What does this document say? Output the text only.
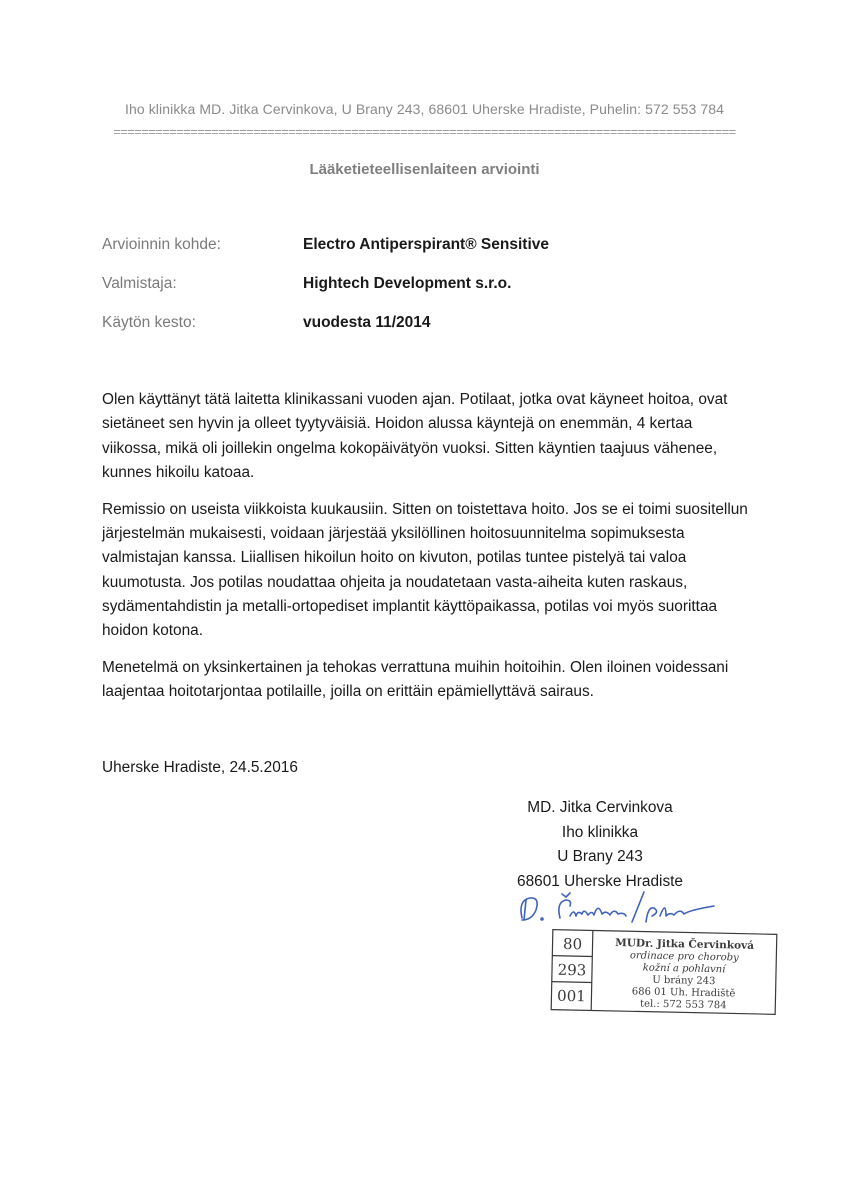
Iho klinikka MD. Jitka Cervinkova, U Brany 243, 68601 Uherske Hradiste, Puhelin: 572 553 784
=========================================================================================
Lääketieteellisenlaiteen arviointi
Arvioinnin kohde:	Electro Antiperspirant® Sensitive
Valmistaja:	Hightech Development s.r.o.
Käytön kesto:	vuodesta 11/2014

Olen käyttänyt tätä laitetta klinikassani vuoden ajan. Potilaat, jotka ovat käyneet hoitoa, ovat sietäneet sen hyvin ja olleet tyytyväisiä. Hoidon alussa käyntejä on enemmän, 4 kertaa viikossa, mikä oli joillekin ongelma kokopäivätyön vuoksi. Sitten käyntien taajuus vähenee, kunnes hikoilu katoaa.

Remissio on useista viikkoista kuukausiin. Sitten on toistettava hoito. Jos se ei toimi suositellun järjestelmän mukaisesti, voidaan järjestää yksilöllinen hoitosuunnitelma sopimuksesta valmistajan kanssa. Liiallisen hikoilun hoito on kivuton, potilas tuntee pistelyä tai valoa kuumotusta. Jos potilas noudattaa ohjeita ja noudatetaan vasta-aiheita kuten raskaus, sydämentahdistin ja metalli-ortopediset implantit käyttöpaikassa, potilas voi myös suorittaa hoidon kotona.

Menetelmä on yksinkertainen ja tehokas verrattuna muihin hoitoihin. Olen iloinen voidessani laajentaa hoitotarjontaa potilaille, joilla on erittäin epämiellyttävä sairaus.

Uherske Hradiste, 24.5.2016
MD. Jitka Cervinkova
Iho klinikka
U Brany 243
68601 Uherske Hradiste
80
293
001
MUDr. Jitka Červinková
ordinace pro choroby
kožní a pohlavní
U brány 243
686 01 Uh. Hradiště
tel.: 572 553 784
